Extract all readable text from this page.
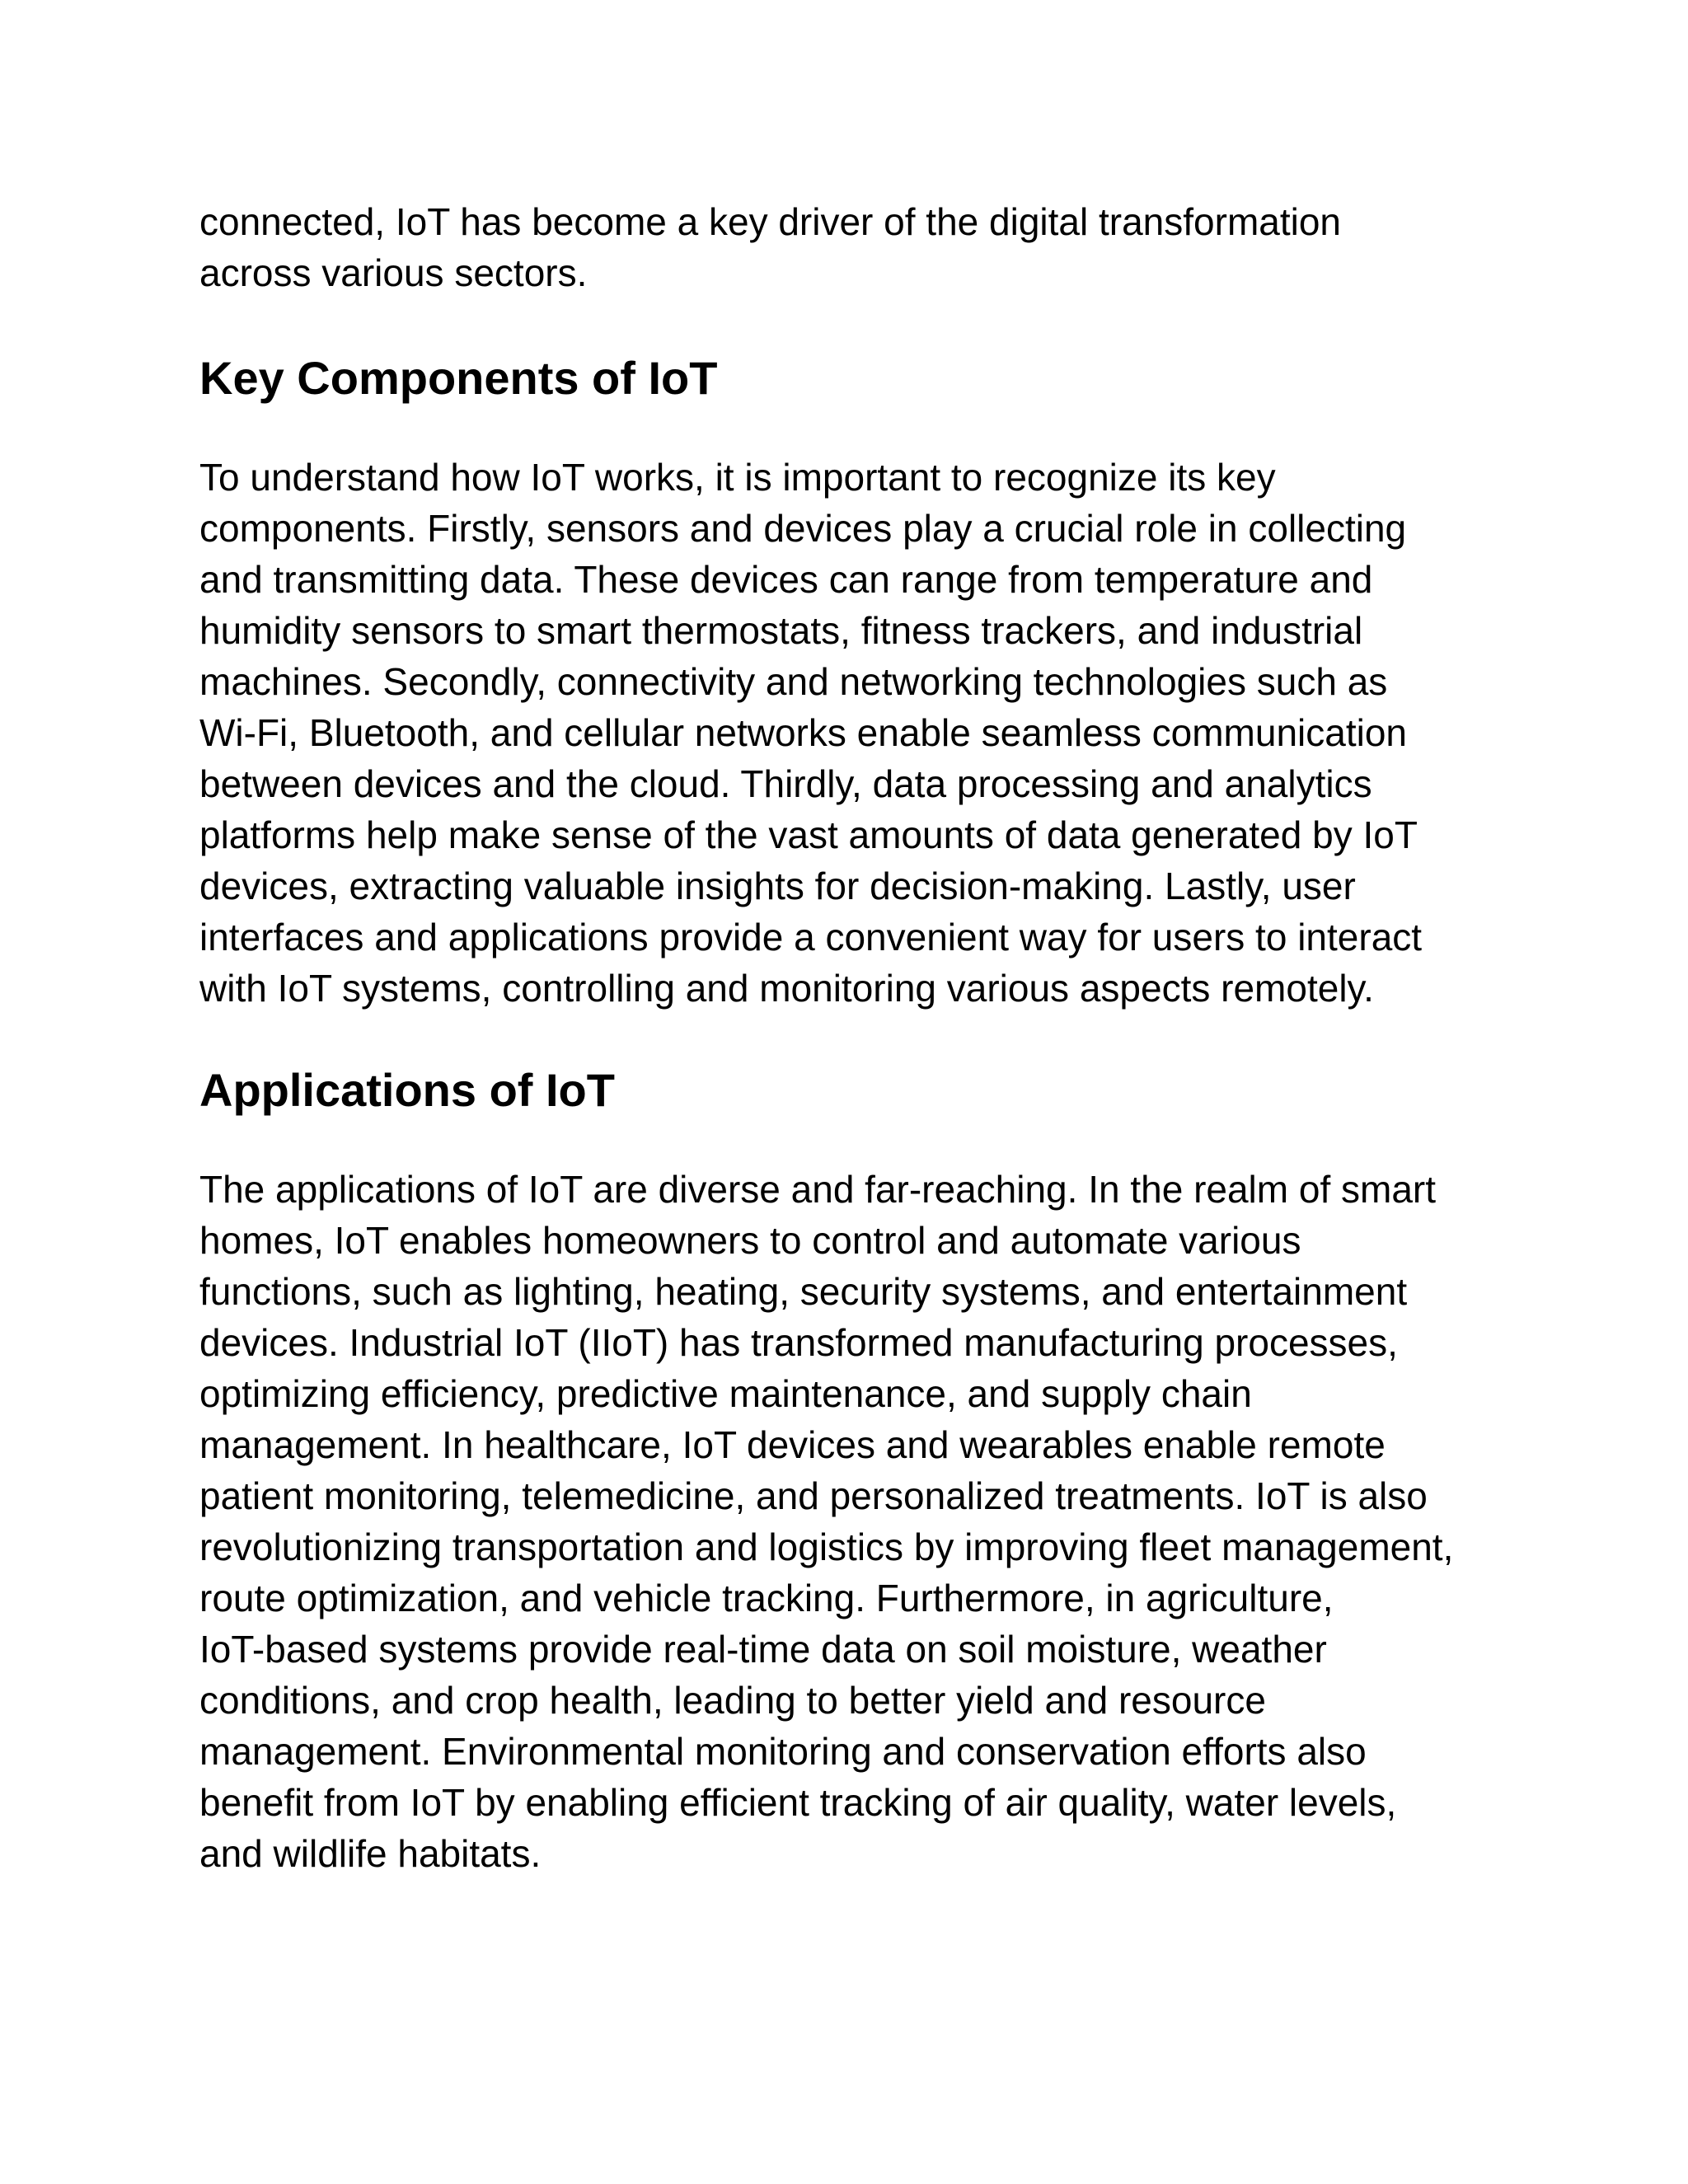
connected, IoT has become a key driver of the digital transformation
across various sectors.
Key Components of IoT
To understand how IoT works, it is important to recognize its key
components. Firstly, sensors and devices play a crucial role in collecting
and transmitting data. These devices can range from temperature and
humidity sensors to smart thermostats, fitness trackers, and industrial
machines. Secondly, connectivity and networking technologies such as
Wi-Fi, Bluetooth, and cellular networks enable seamless communication
between devices and the cloud. Thirdly, data processing and analytics
platforms help make sense of the vast amounts of data generated by IoT
devices, extracting valuable insights for decision-making. Lastly, user
interfaces and applications provide a convenient way for users to interact
with IoT systems, controlling and monitoring various aspects remotely.
Applications of IoT
The applications of IoT are diverse and far-reaching. In the realm of smart
homes, IoT enables homeowners to control and automate various
functions, such as lighting, heating, security systems, and entertainment
devices. Industrial IoT (IIoT) has transformed manufacturing processes,
optimizing efficiency, predictive maintenance, and supply chain
management. In healthcare, IoT devices and wearables enable remote
patient monitoring, telemedicine, and personalized treatments. IoT is also
revolutionizing transportation and logistics by improving fleet management,
route optimization, and vehicle tracking. Furthermore, in agriculture,
IoT-based systems provide real-time data on soil moisture, weather
conditions, and crop health, leading to better yield and resource
management. Environmental monitoring and conservation efforts also
benefit from IoT by enabling efficient tracking of air quality, water levels,
and wildlife habitats.
